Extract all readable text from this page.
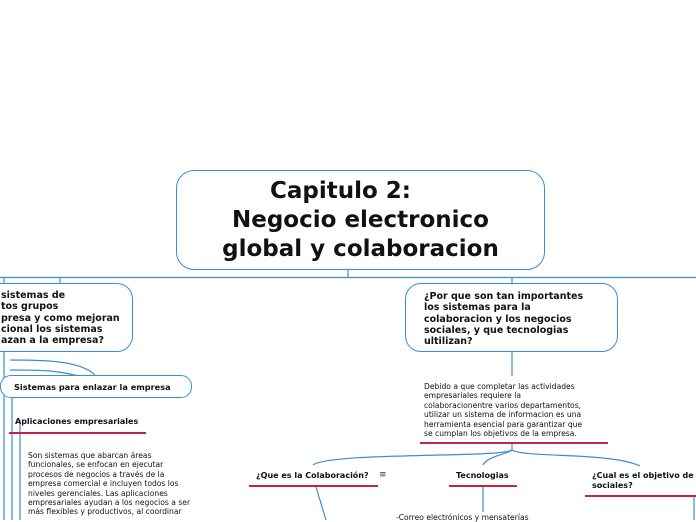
Capitulo 2:
Negocio electronico
global y colaboracion
sistemas de
tos grupos
presa y como mejoran
cional los sistemas
azan a la empresa?
¿Por que son tan importantes
los sistemas para la
colaboracion y los negocios
sociales, y que tecnologias
ultilizan?
Sistemas para enlazar la empresa
Aplicaciones empresariales
Son sistemas que abarcan áreas
funcionales, se enfocan en ejecutar
procesos de negocios a través de la
empresa comercial e incluyen todos los
niveles gerenciales. Las aplicaciones
empresariales ayudan a los negocios a ser
más flexibles y productivos, al coordinar
Debido a que completar las actividades
empresariales requiere la
colaboracionentre varios departamentos,
utilizar un sistema de informacion es una
herramienta esencial para garantizar que
se cumplan los objetivos de la empresa.
¿Que es la Colaboración? ≡	Tecnologias	¿Cual es el objetivo de
sociales?
-Correo electrónicos y mensaterías
